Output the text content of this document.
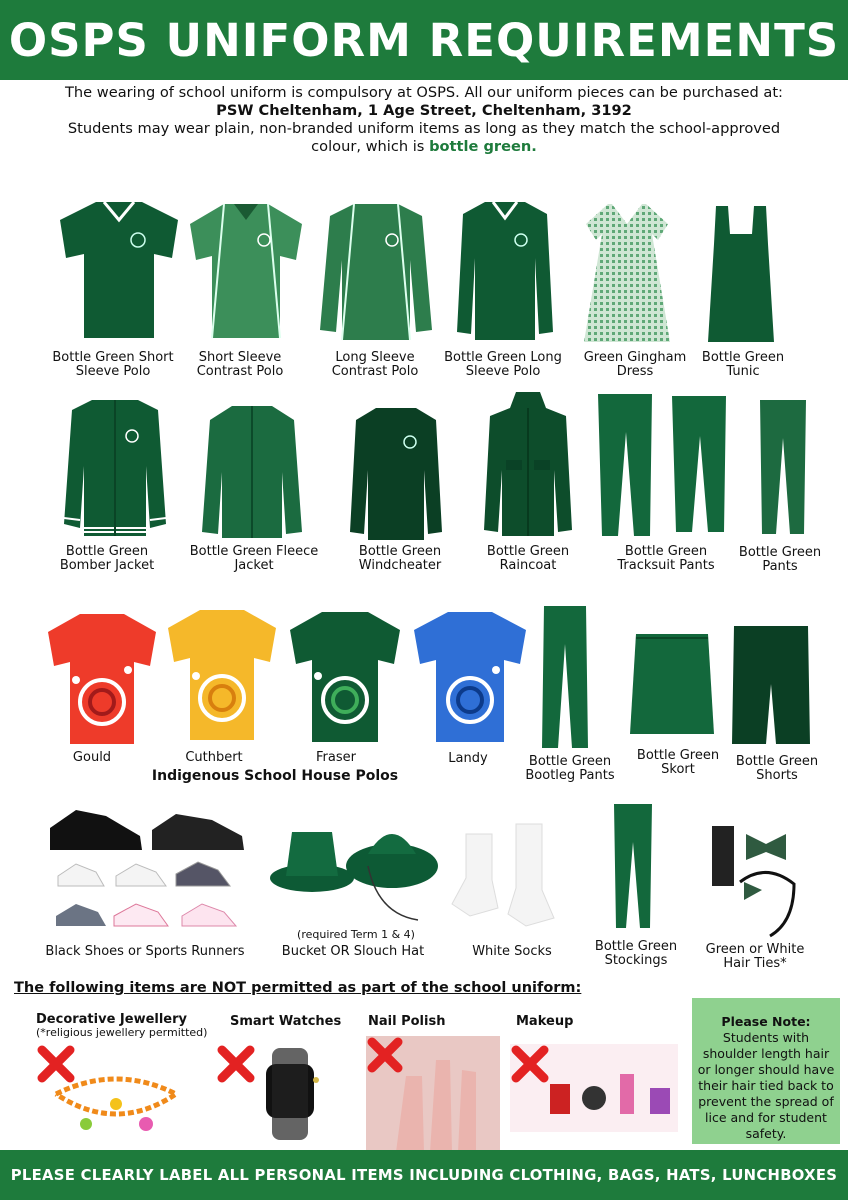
OSPS UNIFORM REQUIREMENTS
The wearing of school uniform is compulsory at OSPS. All our uniform pieces can be purchased at:
PSW Cheltenham, 1 Age Street, Cheltenham, 3192
Students may wear plain, non-branded uniform items as long as they match the school-approved
colour, which is bottle green.
Bottle Green Short
Sleeve Polo
Short Sleeve
Contrast Polo
Long Sleeve
Contrast Polo
Bottle Green Long
Sleeve Polo
Green Gingham
Dress
Bottle Green
Tunic
Bottle Green
Bomber Jacket
Bottle Green Fleece
Jacket
Bottle Green
Windcheater
Bottle Green
Raincoat
Bottle Green
Tracksuit Pants
Bottle Green
Pants
Gould	Cuthbert	Fraser	Landy
Indigenous School House Polos
Bottle Green
Bootleg Pants
Bottle Green
Skort
Bottle Green
Shorts
Black Shoes or Sports Runners
(required Term 1 & 4)
Bucket OR Slouch Hat	White Socks	Bottle Green
Stockings
Green or White
Hair Ties*
The following items are NOT permitted as part of the school uniform:
Decorative Jewellery
(*religious jewellery permitted)
Smart Watches Nail Polish	Makeup	Please Note: Students with shoulder length hair or longer should have their hair tied back to prevent the spread of lice and for student safety.
PLEASE CLEARLY LABEL ALL PERSONAL ITEMS INCLUDING CLOTHING, BAGS, HATS, LUNCHBOXES
